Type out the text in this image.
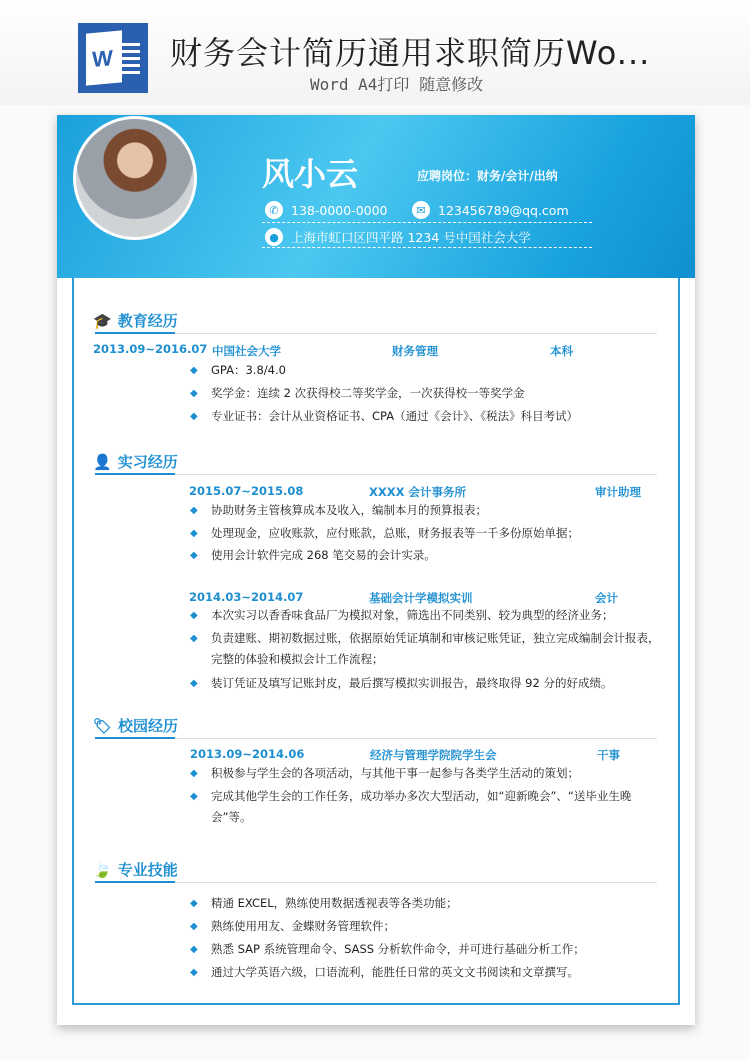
W 财务会计简历通用求职简历Wo...
Word A4打印 随意修改
风小云	应聘岗位：财务/会计/出纳
✆ 138-0000-0000	✉ 123456789@qq.com
● 上海市虹口区四平路 1234 号中国社会大学
🎓 教育经历
2013.09~2016.07 中国社会大学	财务管理	本科
◆ GPA：3.8/4.0
◆ 奖学金：连续 2 次获得校二等奖学金，一次获得校一等奖学金
◆ 专业证书：会计从业资格证书、CPA（通过《会计》、《税法》科目考试）
👤 实习经历
2015.07~2015.08	XXXX 会计事务所	审计助理
◆ 协助财务主管核算成本及收入，编制本月的预算报表；
◆ 处理现金，应收账款，应付账款，总账，财务报表等一千多份原始单据；
◆ 使用会计软件完成 268 笔交易的会计实录。
2014.03~2014.07	基础会计学模拟实训	会计
◆ 本次实习以香香味食品厂为模拟对象，筛选出不同类别、较为典型的经济业务；
◆ 负责建账、期初数据过账，依据原始凭证填制和审核记账凭证，独立完成编制会计报表，完整的体验和模拟会计工作流程；
◆ 装订凭证及填写记账封皮，最后撰写模拟实训报告，最终取得 92 分的好成绩。
🏷 校园经历
2013.09~2014.06	经济与管理学院院学生会	干事
◆ 积极参与学生会的各项活动，与其他干事一起参与各类学生活动的策划；
◆ 完成其他学生会的工作任务，成功举办多次大型活动，如“迎新晚会”、“送毕业生晚会”等。
🍃 专业技能
◆ 精通 EXCEL，熟练使用数据透视表等各类功能；
◆ 熟练使用用友、金蝶财务管理软件；
◆ 熟悉 SAP 系统管理命令、SASS 分析软件命令，并可进行基础分析工作；
◆ 通过大学英语六级，口语流利，能胜任日常的英文文书阅读和文章撰写。
